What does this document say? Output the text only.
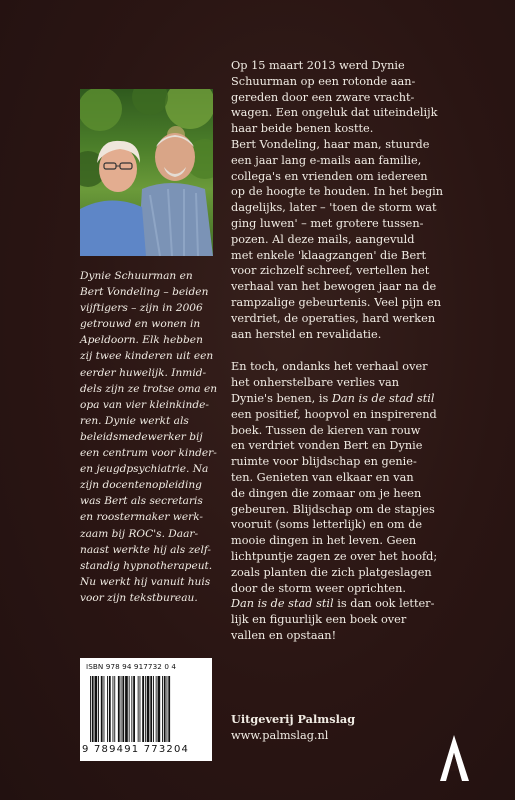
Dynie Schuurman en
Bert Vondeling – beiden
vijftigers – zijn in 2006
getrouwd en wonen in
Apeldoorn. Elk hebben
zij twee kinderen uit een
eerder huwelijk. Inmid-
dels zijn ze trotse oma en
opa van vier kleinkinde-
ren. Dynie werkt als
beleidsmedewerker bij
een centrum voor kinder-
en jeugdpsychiatrie. Na
zijn docentenopleiding
was Bert als secretaris
en roostermaker werk-
zaam bij ROC's. Daar-
naast werkte hij als zelf-
standig hypnotherapeut.
Nu werkt hij vanuit huis
voor zijn tekstbureau.
Op 15 maart 2013 werd Dynie
Schuurman op een rotonde aan-
gereden door een zware vracht-
wagen. Een ongeluk dat uiteindelijk
haar beide benen kostte.
Bert Vondeling, haar man, stuurde
een jaar lang e-mails aan familie,
collega's en vrienden om iedereen
op de hoogte te houden. In het begin
dagelijks, later – 'toen de storm wat
ging luwen' – met grotere tussen-
pozen. Al deze mails, aangevuld
met enkele 'klaagzangen' die Bert
voor zichzelf schreef, vertellen het
verhaal van het bewogen jaar na de
rampzalige gebeurtenis. Veel pijn en
verdriet, de operaties, hard werken
aan herstel en revalidatie.
En toch, ondanks het verhaal over
het onherstelbare verlies van
Dynie's benen, is Dan is de stad stil
een positief, hoopvol en inspirerend
boek. Tussen de kieren van rouw
en verdriet vonden Bert en Dynie
ruimte voor blijdschap en genie-
ten. Genieten van elkaar en van
de dingen die zomaar om je heen
gebeuren. Blijdschap om de stapjes
vooruit (soms letterlijk) en om de
mooie dingen in het leven. Geen
lichtpuntje zagen ze over het hoofd;
zoals planten die zich platgeslagen
door de storm weer oprichten.
Dan is de stad stil is dan ook letter-
lijk en figuurlijk een boek over
vallen en opstaan!
Uitgeverij Palmslag
www.palmslag.nl
ISBN 978 94 917732 0 4
9 789491 773204
